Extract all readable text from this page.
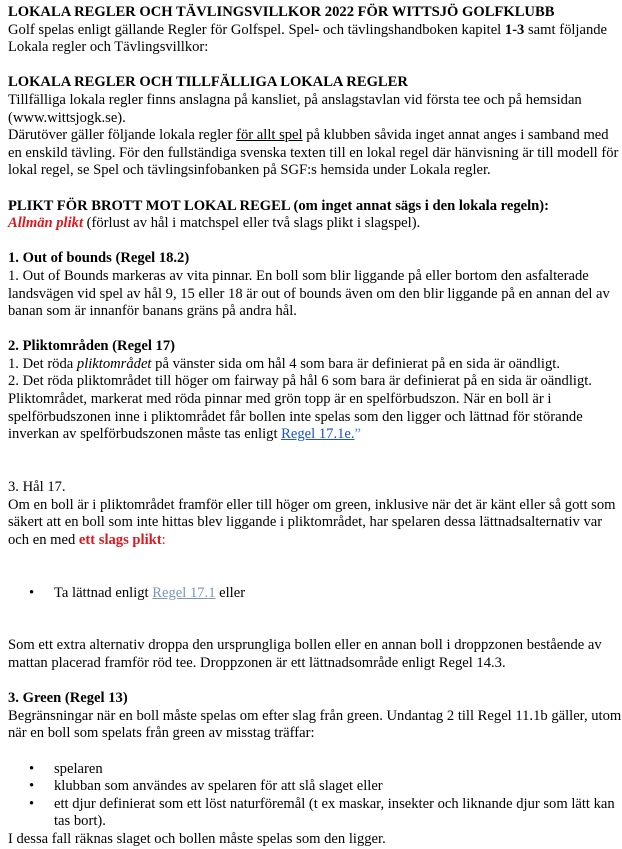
LOKALA REGLER OCH TÄVLINGSVILLKOR 2022 FÖR WITTSJÖ GOLFKLUBB

Golf spelas enligt gällande Regler för Golfspel. Spel- och tävlingshandboken kapitel 1-3 samt följande Lokala regler och Tävlingsvillkor:

LOKALA REGLER OCH TILLFÄLLIGA LOKALA REGLER

Tillfälliga lokala regler finns anslagna på kansliet, på anslagstavlan vid första tee och på hemsidan (www.wittsjogk.se).

Därutöver gäller följande lokala regler för allt spel på klubben såvida inget annat anges i samband med en enskild tävling. För den fullständiga svenska texten till en lokal regel där hänvisning är till modell för lokal regel, se Spel och tävlingsinfobanken på SGF:s hemsida under Lokala regler.

PLIKT FÖR BROTT MOT LOKAL REGEL (om inget annat sägs i den lokala regeln):

Allmän plikt (förlust av hål i matchspel eller två slags plikt i slagspel).

1. Out of bounds (Regel 18.2)

1. Out of Bounds markeras av vita pinnar. En boll som blir liggande på eller bortom den asfalterade landsvägen vid spel av hål 9, 15 eller 18 är out of bounds även om den blir liggande på en annan del av banan som är innanför banans gräns på andra hål.

2. Pliktområden (Regel 17)

1. Det röda pliktområdet på vänster sida om hål 4 som bara är definierat på en sida är oändligt.

2. Det röda pliktområdet till höger om fairway på hål 6 som bara är definierat på en sida är oändligt.

Pliktområdet, markerat med röda pinnar med grön topp är en spelförbudszon. När en boll är i spelförbudszonen inne i pliktområdet får bollen inte spelas som den ligger och lättnad för störande inverkan av spelförbudszonen måste tas enligt Regel 17.1e.”

3. Hål 17.

Om en boll är i pliktområdet framför eller till höger om green, inklusive när det är känt eller så gott som säkert att en boll som inte hittas blev liggande i pliktområdet, har spelaren dessa lättnadsalternativ var och en med ett slags plikt:

• Ta lättnad enligt Regel 17.1 eller

Som ett extra alternativ droppa den ursprungliga bollen eller en annan boll i droppzonen bestående av mattan placerad framför röd tee. Droppzonen är ett lättnadsområde enligt Regel 14.3.

3. Green (Regel 13)

Begränsningar när en boll måste spelas om efter slag från green. Undantag 2 till Regel 11.1b gäller, utom när en boll som spelats från green av misstag träffar:

• spelaren
• klubban som användes av spelaren för att slå slaget eller
• ett djur definierat som ett löst naturföremål (t ex maskar, insekter och liknande djur som lätt kan tas bort).

I dessa fall räknas slaget och bollen måste spelas som den ligger.
